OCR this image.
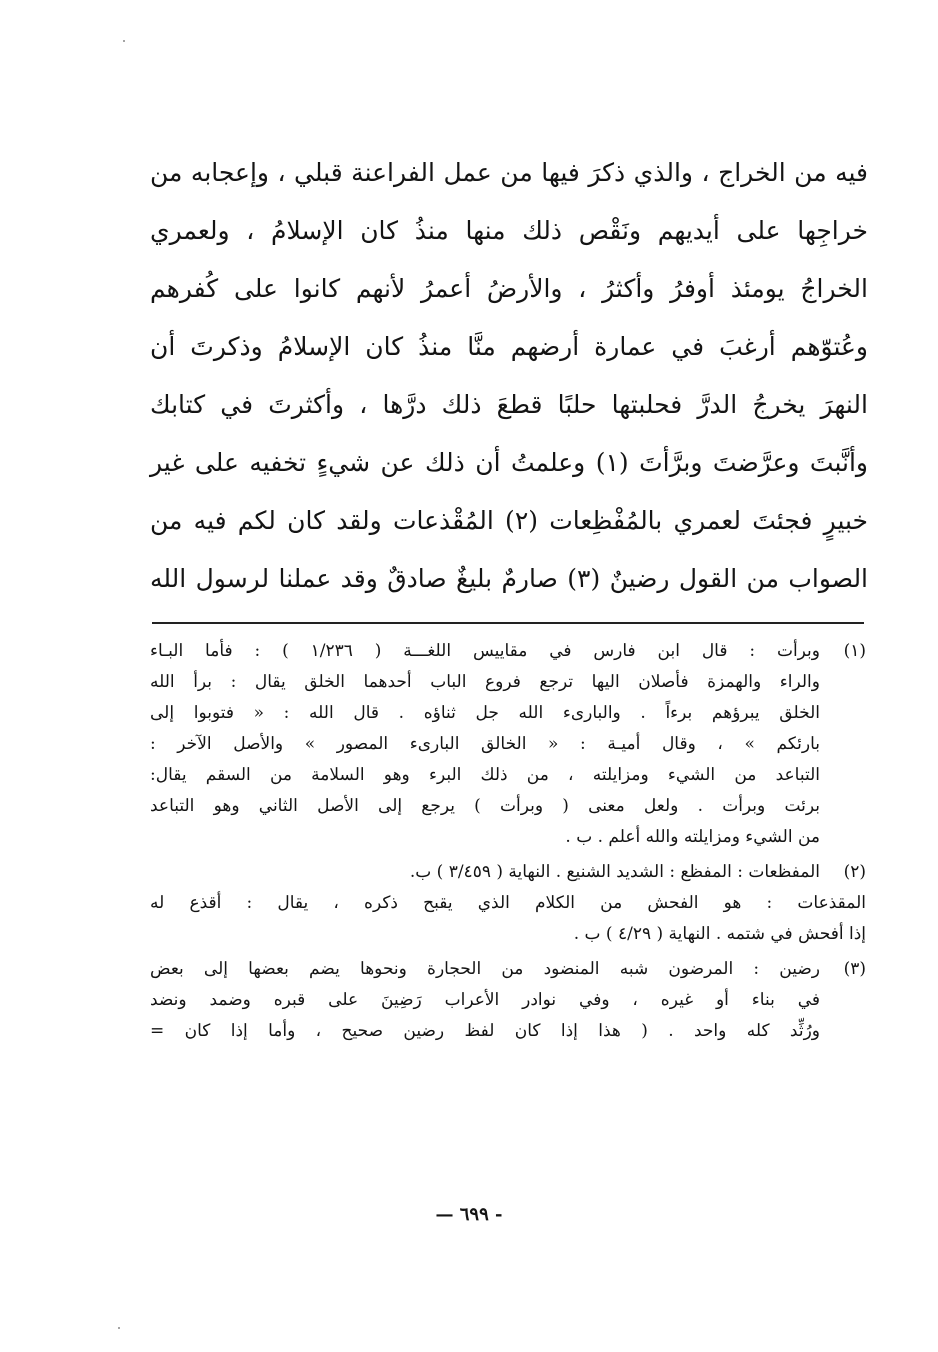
فيه من الخراج ، والذي ذكرَ فيها من عمل الفراعنة قبلي ، وإعجابه من
خراجِها على أيديهم ونَقْص ذلك منها منذُ كان الإسلامُ ، ولعمري
الخراجُ يومئذ أوفرُ وأكثرُ ، والأرضُ أعمرُ لأنهم كانوا على كُفرهم
وعُتوّهم أرغبَ في عمارة أرضهم منَّا منذُ كان الإسلامُ وذكرتَ أن
النهرَ يخرجُ الدرَّ فحلبتها حلبًا قطعَ ذلك درَّها ، وأكثرتَ في كتابك
وأنَّبتَ وعرَّضتَ وبرَّأتَ (١) وعلمتُ أن ذلك عن شيءٍ تخفيه على غير
خبيرٍ فجئتَ لعمري بالمُفْظِعات (٢) المُقْذعات ولقد كان لكم فيه من
الصواب من القول رضينٌ (٣) صارمٌ بليغٌ صادقٌ وقد عملنا لرسول الله
(١)
وبرأت : قال ابن فارس في مقاييس اللغـــة ( ١/٢٣٦ ) : فأما البـاء
والراء والهمزة فأصلان اليها ترجع فروع الباب أحدهما الخلق يقال : برأ الله
الخلق يبرؤهم برءاً . والبارىء الله جل ثناؤه . قال الله : « فتوبوا إلى
بارئكم » ، وقال أميـة : « الخالق البارىء المصور » والأصل الآخر :
التباعد من الشيء ومزايلته ، من ذلك البرء وهو السلامة من السقم يقال:
برئت وبرأت . ولعل معنى ( وبرأت ) يرجع إلى الأصل الثاني وهو التباعد
من الشيء ومزايلته والله أعلم . ب .
(٢)
المفظعات : المفظع : الشديد الشنيع . النهاية ( ٣/٤٥٩ ) ب.
المقذعات : هو الفحش من الكلام الذي يقبح ذكره ، يقال : أقذع له
إذا أفحش في شتمه . النهاية ( ٤/٢٩ ) ب .
(٣)
رضين : المرضون شبه المنضود من الحجارة ونحوها يضم بعضها إلى بعض
في بناء أو غيره ، وفي نوادر الأعراب رَضِينَ على قبره وضمد ونضد
ورُثِّد كله واحد . ( هذا إذا كان لفظ رضين صحيح ، وأما إذا كان =
— ٦٩٩ -
